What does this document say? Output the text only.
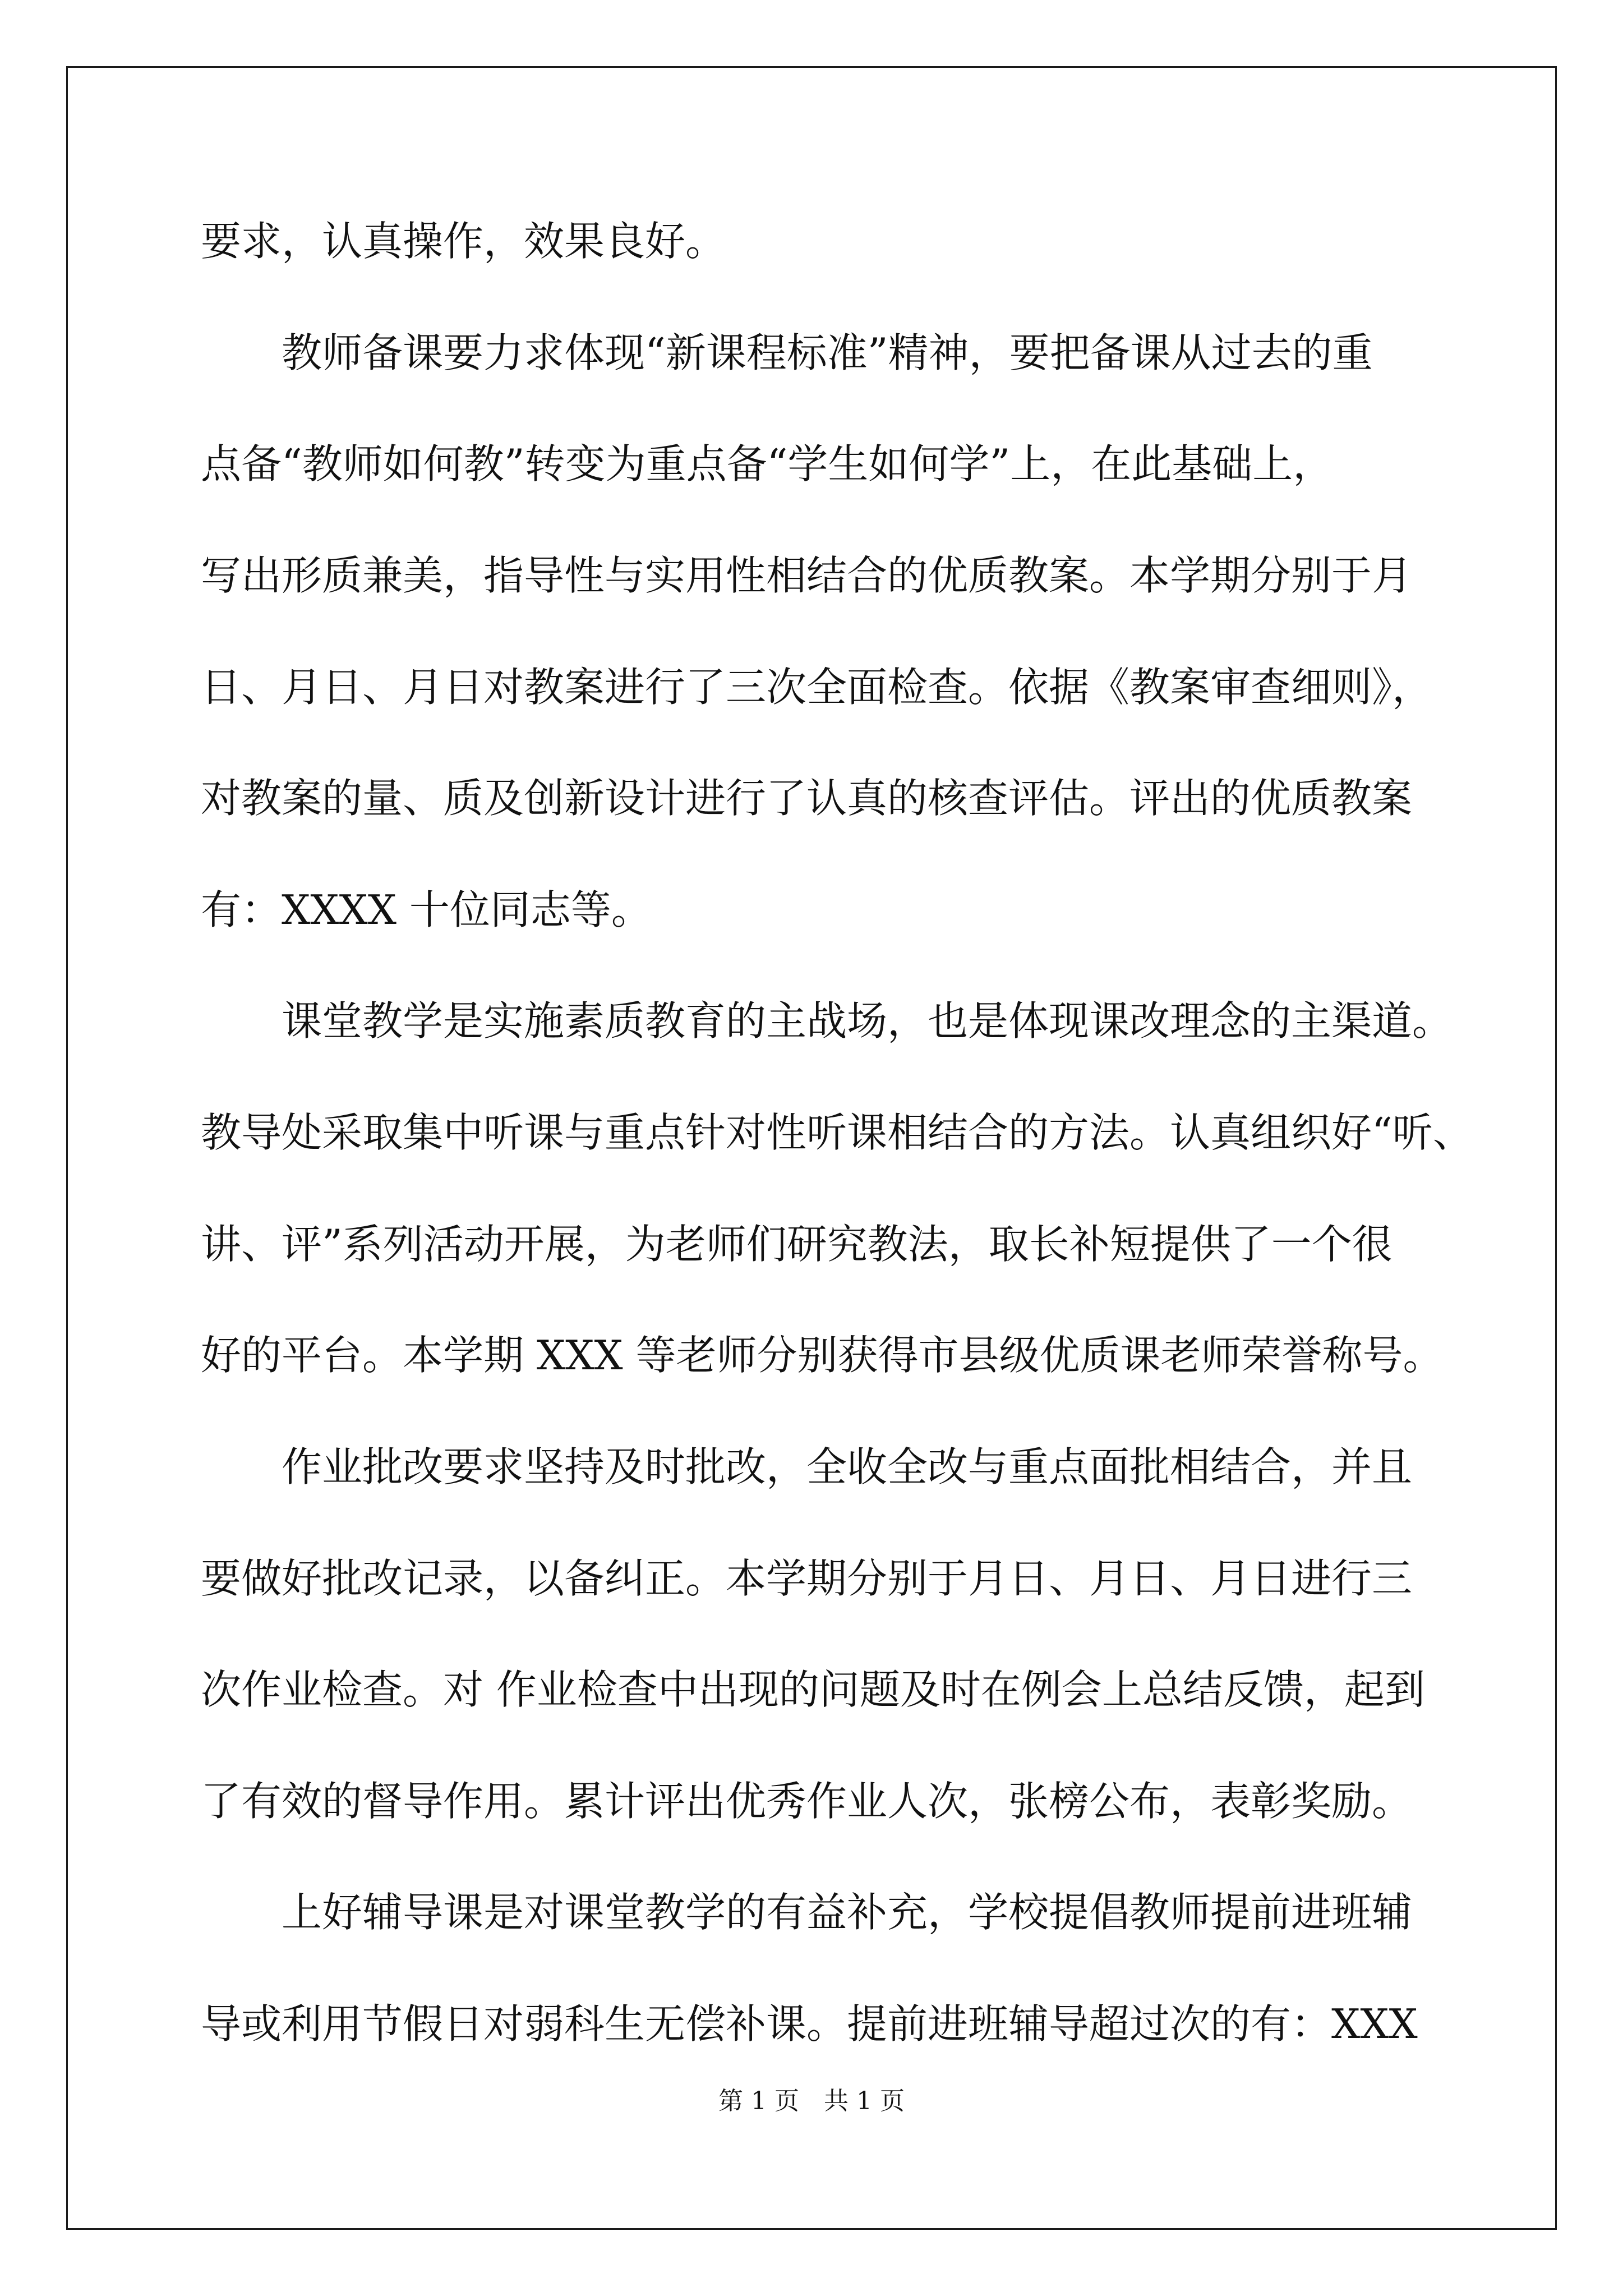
要求，认真操作，效果良好。
教师备课要力求体现“新课程标准”精神，要把备课从过去的重
点备“教师如何教”转变为重点备“学生如何学”上，在此基础上，
写出形质兼美，指导性与实用性相结合的优质教案。本学期分别于月
日、月日、月日对教案进行了三次全面检查。依据《教案审查细则》，
对教案的量、质及创新设计进行了认真的核查评估。评出的优质教案
有：XXXX 十位同志等。
课堂教学是实施素质教育的主战场，也是体现课改理念的主渠道。
教导处采取集中听课与重点针对性听课相结合的方法。认真组织好“听、
讲、评”系列活动开展，为老师们研究教法，取长补短提供了一个很
好的平台。本学期 XXX 等老师分别获得市县级优质课老师荣誉称号。
作业批改要求坚持及时批改，全收全改与重点面批相结合，并且
要做好批改记录，以备纠正。本学期分别于月日、月日、月日进行三
次作业检查。对 作业检查中出现的问题及时在例会上总结反馈，起到
了有效的督导作用。累计评出优秀作业人次，张榜公布，表彰奖励。
上好辅导课是对课堂教学的有益补充，学校提倡教师提前进班辅
导或利用节假日对弱科生无偿补课。提前进班辅导超过次的有：XXX
第 1 页　共 1 页
